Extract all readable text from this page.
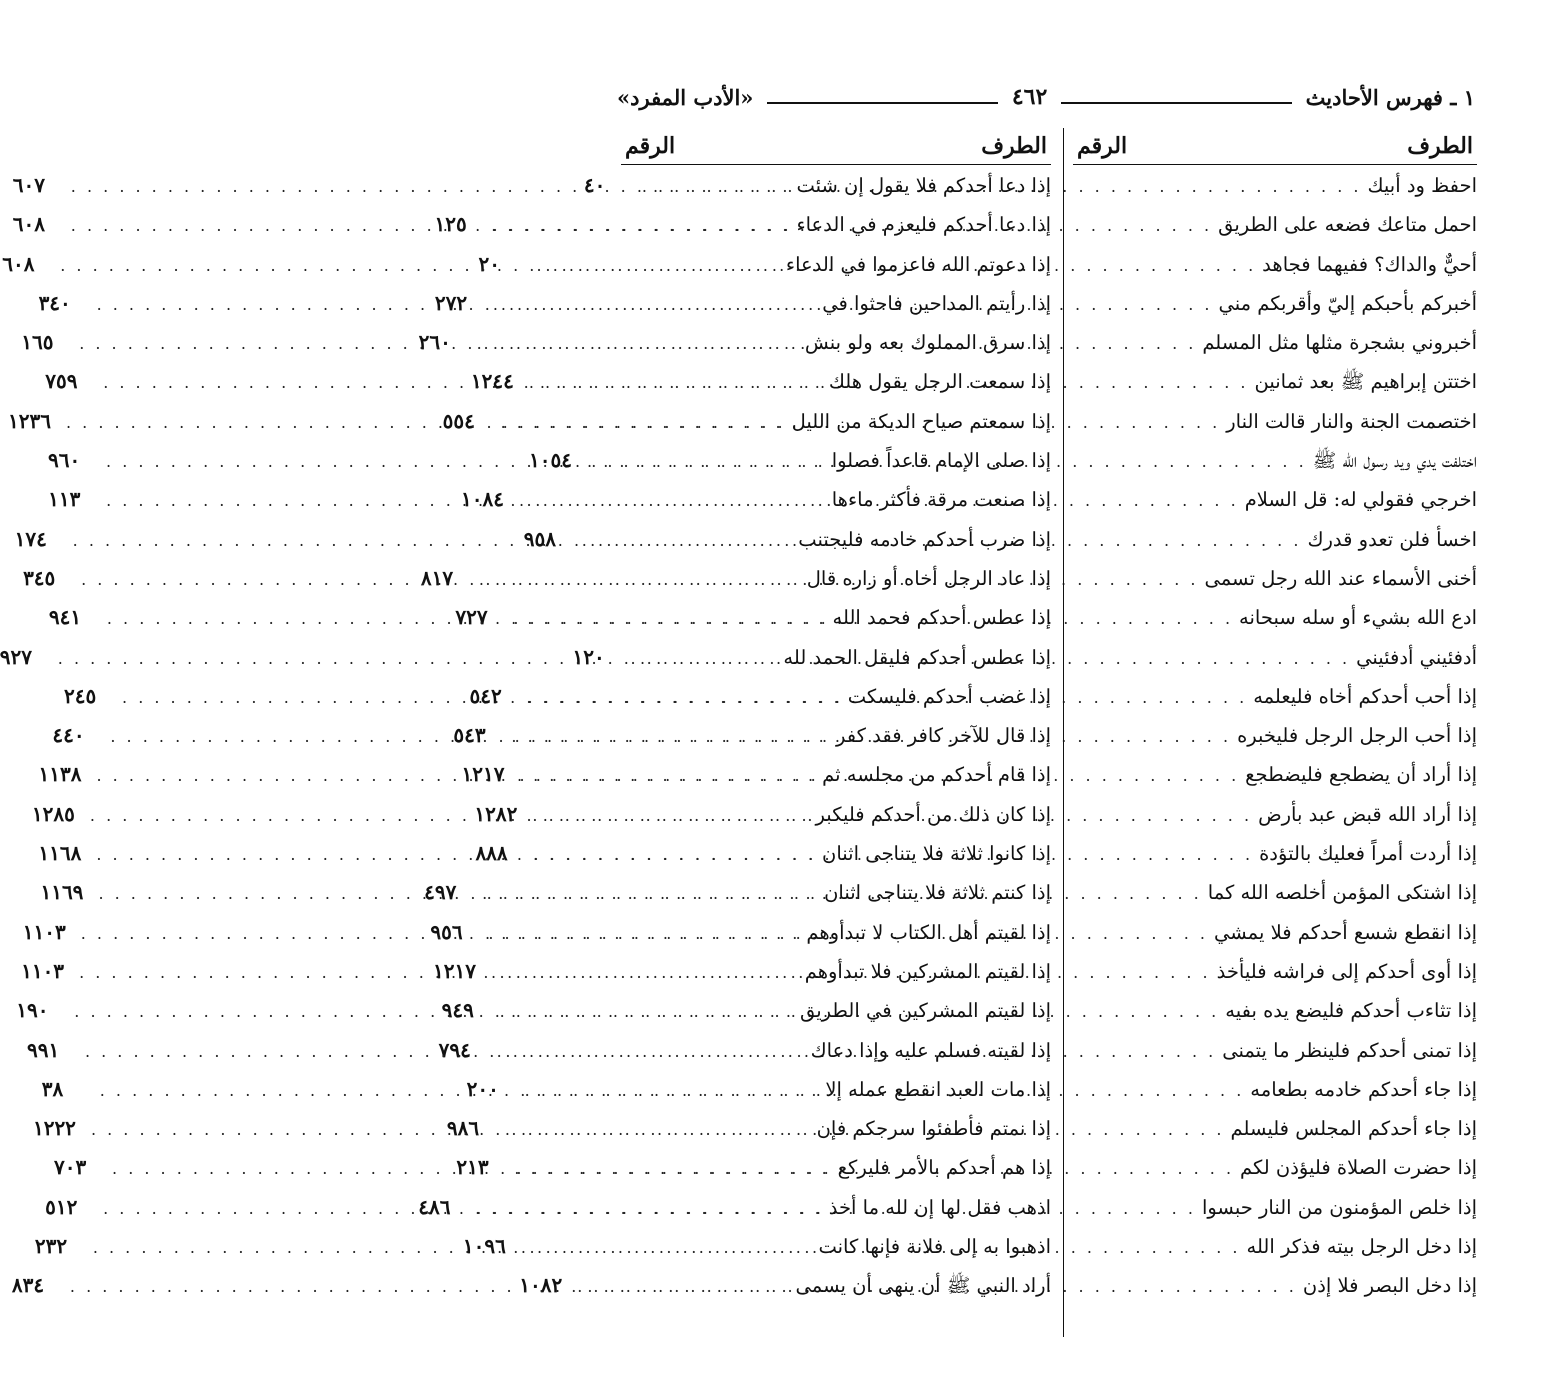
١ ـ فهرس الأحاديث
٤٦٢
«الأدب المفرد»
الطرف
الرقم
احفظ ود أبيك
. . .
٤٠
احمل متاعك فضعه على الطريق
. . .
١٢٥
أحيٌّ والداك؟ ففيهما فجاهد
. . .
٢٠
أخبركم بأحبكم إليّ وأقربكم مني
. . .
٢٧٢
أخبروني بشجرة مثلها مثل المسلم
. . .
٢٦٠
اختتن إبراهيم ﷺ بعد ثمانين
. . .
١٢٤٤
اختصمت الجنة والنار قالت النار
. . .
٥٥٤
اختلفت يدي ويد رسول الله ﷺ
. . .
١٠٥٤
اخرجي فقولي له: قل السلام
. . .
١٠٨٤
اخسأ فلن تعدو قدرك
. . .
٩٥٨
أخنى الأسماء عند الله رجل تسمى
. . .
٨١٧
ادع الله بشيء أو سله سبحانه
. . .
٧٢٧
أدفئيني أدفئيني
. . .
١٢٠
إذا أحب أحدكم أخاه فليعلمه
. . .
٥٤٢
إذا أحب الرجل الرجل فليخبره
. . .
٥٤٣
إذا أراد أن يضطجع فليضطجع
. . .
١٢١٧
إذا أراد الله قبض عبد بأرض
. . .
١٢٨٢
إذا أردت أمراً فعليك بالتؤدة
. . .
٨٨٨
إذا اشتكى المؤمن أخلصه الله كما
. . .
٤٩٧
إذا انقطع شسع أحدكم فلا يمشي
. . .
٩٥٦
إذا أوى أحدكم إلى فراشه فليأخذ
. . .
١٢١٧
إذا تثاءب أحدكم فليضع يده بفيه
. . .
٩٤٩
إذا تمنى أحدكم فلينظر ما يتمنى
. . .
٧٩٤
إذا جاء أحدكم خادمه بطعامه
. . .
٢٠٠
إذا جاء أحدكم المجلس فليسلم
. . .
٩٨٦
إذا حضرت الصلاة فليؤذن لكم
. . .
٢١٣
إذا خلص المؤمنون من النار حبسوا
. . .
٤٨٦
إذا دخل الرجل بيته فذكر الله
. . .
١٠٩٦
إذا دخل البصر فلا إذن
. . .
١٠٨٢
الطرف
الرقم
إذا دعا أحدكم فلا يقول إن شئت
. . .
٦٠٧
إذا دعا أحدكم فليعزم في الدعاء
. . .
٦٠٨
إذا دعوتم الله فاعزموا في الدعاء
. . .
٦٠٨
إذا رأيتم المداحين فاحثوا في
. . .
٣٤٠
إذا سرق المملوك بعه ولو بنش
. . .
١٦٥
إذا سمعت الرجل يقول هلك
. . .
٧٥٩
إذا سمعتم صياح الديكة من الليل
. . .
١٢٣٦
إذا صلى الإمام قاعداً فصلوا
. . .
٩٦٠
إذا صنعت مرقة فأكثر ماءها
. . .
١١٣
إذا ضرب أحدكم خادمه فليجتنب
. . .
١٧٤
إذا عاد الرجل أخاه أو زاره قال
. . .
٣٤٥
إذا عطس أحدكم فحمد الله
. . .
٩٤١
إذا عطس أحدكم فليقل الحمد لله
. . .
٩٢٧
إذا غضب أحدكم فليسكت
. . .
٢٤٥
إذا قال للآخر كافر فقد كفر
. . .
٤٤٠
إذا قام أحدكم من مجلسه ثم
. . .
١١٣٨
إذا كان ذلك من أحدكم فليكبر
. . .
١٢٨٥
إذا كانوا ثلاثة فلا يتناجى اثنان
. . .
١١٦٨
إذا كنتم ثلاثة فلا يتناجى اثنان
. . .
١١٦٩
إذا لقيتم أهل الكتاب لا تبدأوهم
. . .
١١٠٣
إذا لقيتم المشركين فلا تبدأوهم
. . .
١١٠٣
إذا لقيتم المشركين في الطريق
. . .
١٩٠
إذا لقيته فسلم عليه وإذا دعاك
. . .
٩٩١
إذا مات العبد انقطع عمله إلا
. . .
٣٨
إذا نمتم فأطفئوا سرجكم فإن
. . .
١٢٢٢
إذا هم أحدكم بالأمر فليركع
. . .
٧٠٣
اذهب فقل لها إن لله ما أخذ
. . .
٥١٢
اذهبوا به إلى فلانة فإنها كانت
. . .
٢٣٢
أراد النبي ﷺ أن ينهى أن يسمى
. . .
٨٣٤
